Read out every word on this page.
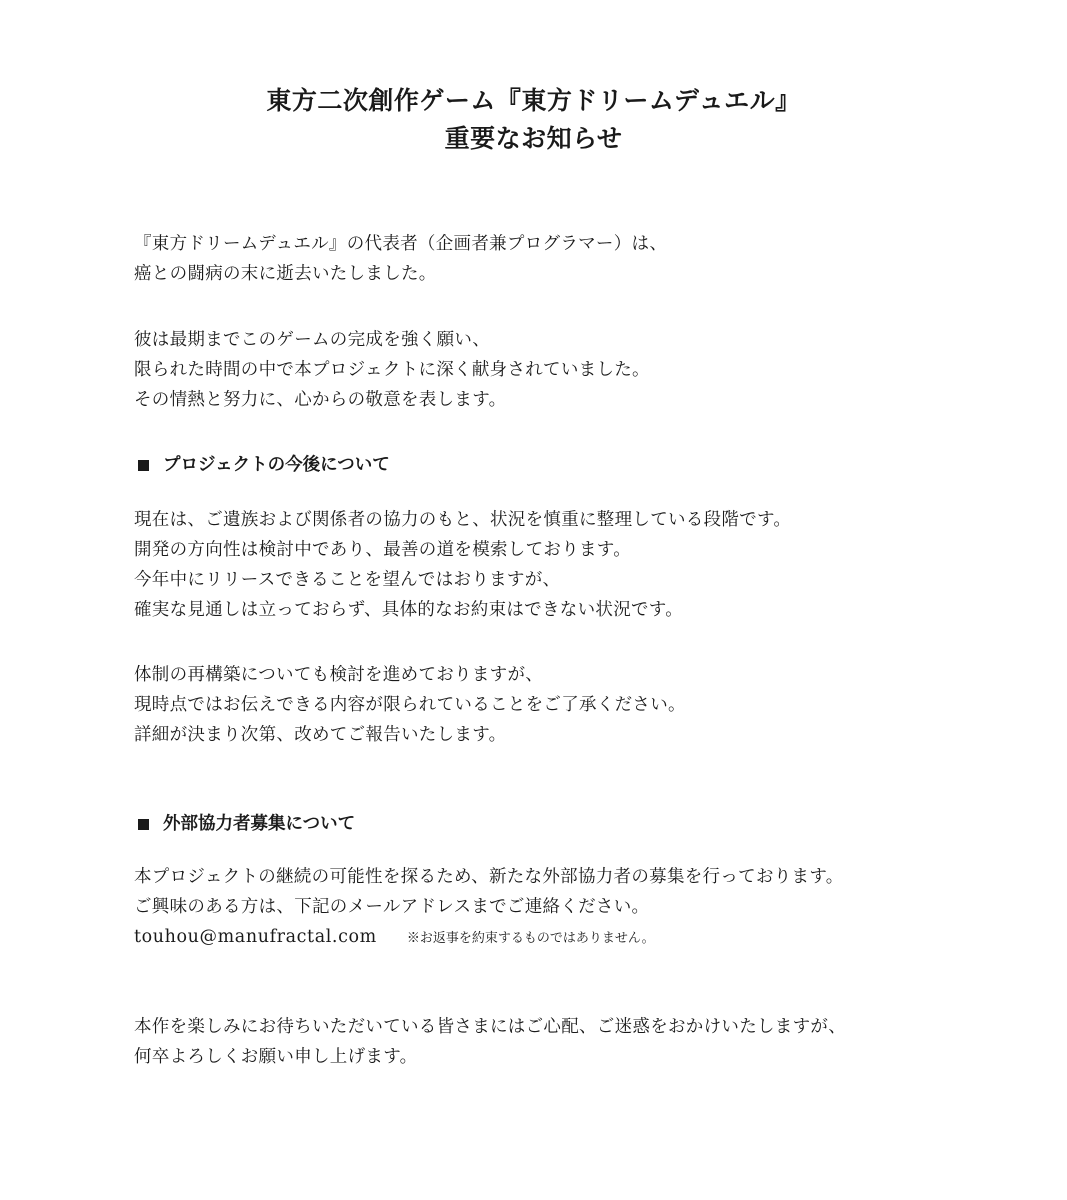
東方二次創作ゲーム『東方ドリームデュエル』

重要なお知らせ

『東方ドリームデュエル』の代表者（企画者兼プログラマー）は、

癌との闘病の末に逝去いたしました。

彼は最期までこのゲームの完成を強く願い、

限られた時間の中で本プロジェクトに深く献身されていました。

その情熱と努力に、心からの敬意を表します。

プロジェクトの今後について

現在は、ご遺族および関係者の協力のもと、状況を慎重に整理している段階です。

開発の方向性は検討中であり、最善の道を模索しております。

今年中にリリースできることを望んではおりますが、

確実な見通しは立っておらず、具体的なお約束はできない状況です。

体制の再構築についても検討を進めておりますが、

現時点ではお伝えできる内容が限られていることをご了承ください。

詳細が決まり次第、改めてご報告いたします。

外部協力者募集について

本プロジェクトの継続の可能性を探るため、新たな外部協力者の募集を行っております。

ご興味のある方は、下記のメールアドレスまでご連絡ください。

touhou@manufractal.com ※お返事を約束するものではありません。

本作を楽しみにお待ちいただいている皆さまにはご心配、ご迷惑をおかけいたしますが、

何卒よろしくお願い申し上げます。
